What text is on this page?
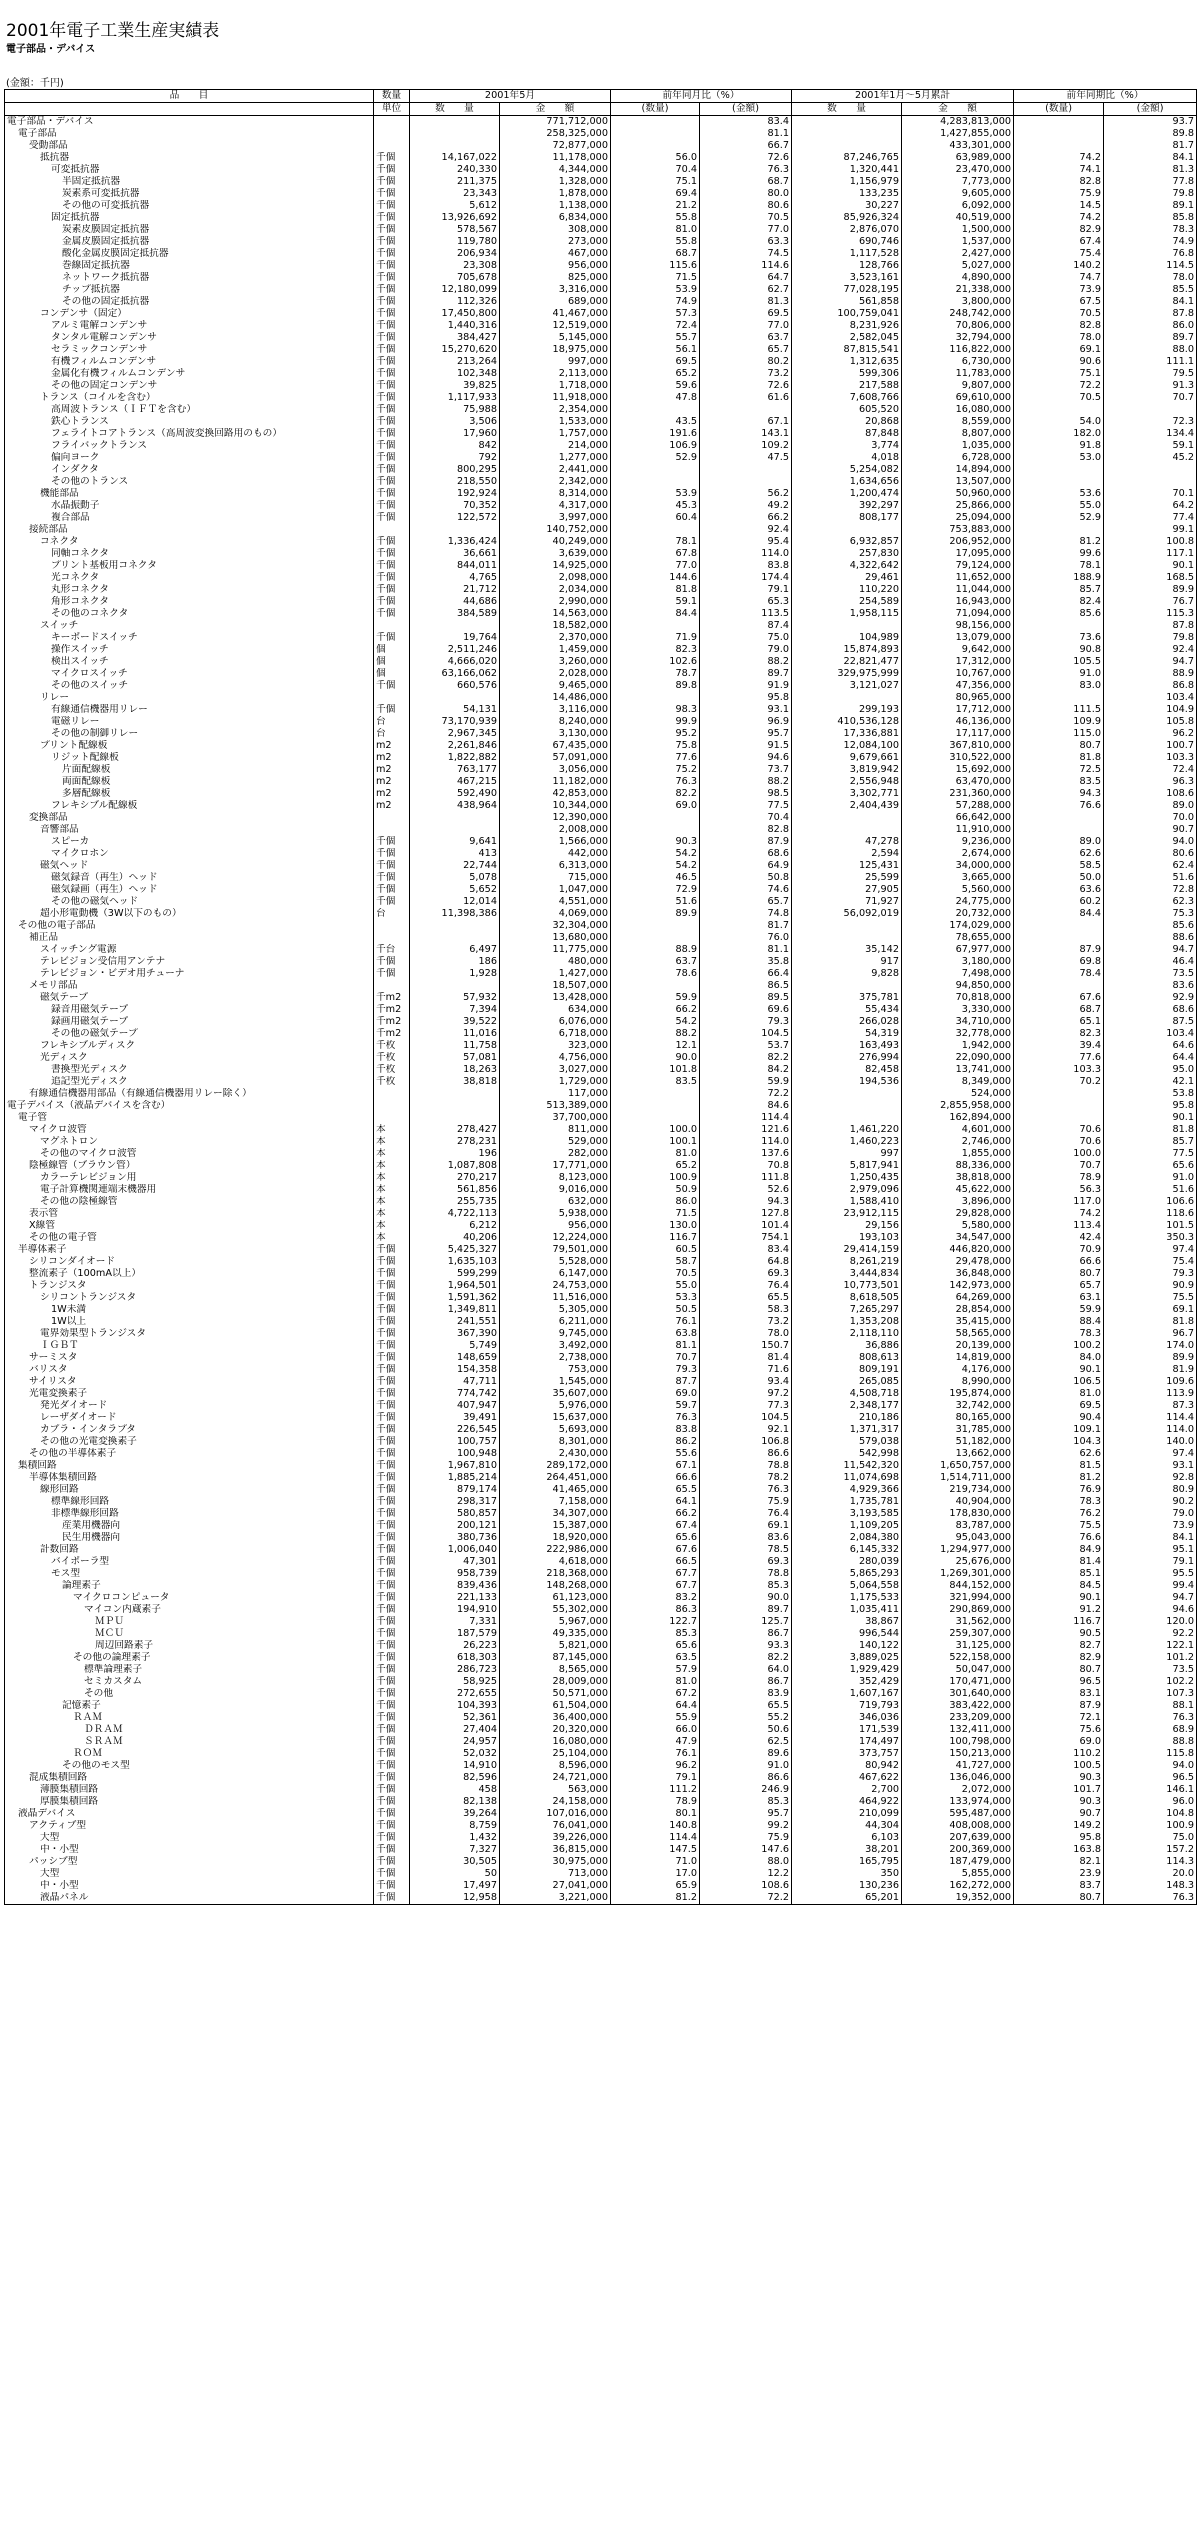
2001年電子工業生産実績表
電子部品・デバイス
(金額：千円)
品　　目	数量	2001年5月		前年同月比（%）		2001年1月～5月累計		前年同期比（%）	
	単位	数　　量	金　　額	(数量)	(金額)	数　　量	金　　額	(数量)	(金額)
電子部品・デバイス			771,712,000		83.4		4,283,813,000		93.7
電子部品			258,325,000		81.1		1,427,855,000		89.8
受動部品			72,877,000		66.7		433,301,000		81.7
抵抗器	千個	14,167,022	11,178,000	56.0	72.6	87,246,765	63,989,000	74.2	84.1
可変抵抗器	千個	240,330	4,344,000	70.4	76.3	1,320,441	23,470,000	74.1	81.3
半固定抵抗器	千個	211,375	1,328,000	75.1	68.7	1,156,979	7,773,000	82.8	77.8
炭素系可変抵抗器	千個	23,343	1,878,000	69.4	80.0	133,235	9,605,000	75.9	79.8
その他の可変抵抗器	千個	5,612	1,138,000	21.2	80.6	30,227	6,092,000	14.5	89.1
固定抵抗器	千個	13,926,692	6,834,000	55.8	70.5	85,926,324	40,519,000	74.2	85.8
炭素皮膜固定抵抗器	千個	578,567	308,000	81.0	77.0	2,876,070	1,500,000	82.9	78.3
金属皮膜固定抵抗器	千個	119,780	273,000	55.8	63.3	690,746	1,537,000	67.4	74.9
酸化金属皮膜固定抵抗器	千個	206,934	467,000	68.7	74.5	1,117,528	2,427,000	75.4	76.8
巻線固定抵抗器	千個	23,308	956,000	115.6	114.6	128,766	5,027,000	140.2	114.5
ネットワーク抵抗器	千個	705,678	825,000	71.5	64.7	3,523,161	4,890,000	74.7	78.0
チップ抵抗器	千個	12,180,099	3,316,000	53.9	62.7	77,028,195	21,338,000	73.9	85.5
その他の固定抵抗器	千個	112,326	689,000	74.9	81.3	561,858	3,800,000	67.5	84.1
コンデンサ（固定）	千個	17,450,800	41,467,000	57.3	69.5	100,759,041	248,742,000	70.5	87.8
アルミ電解コンデンサ	千個	1,440,316	12,519,000	72.4	77.0	8,231,926	70,806,000	82.8	86.0
タンタル電解コンデンサ	千個	384,427	5,145,000	55.7	63.7	2,582,045	32,794,000	78.0	89.7
セラミックコンデンサ	千個	15,270,620	18,975,000	56.1	65.7	87,815,541	116,822,000	69.1	88.0
有機フィルムコンデンサ	千個	213,264	997,000	69.5	80.2	1,312,635	6,730,000	90.6	111.1
金属化有機フィルムコンデンサ	千個	102,348	2,113,000	65.2	73.2	599,306	11,783,000	75.1	79.5
その他の固定コンデンサ	千個	39,825	1,718,000	59.6	72.6	217,588	9,807,000	72.2	91.3
トランス（コイルを含む）	千個	1,117,933	11,918,000	47.8	61.6	7,608,766	69,610,000	70.5	70.7
高周波トランス（ＩＦＴを含む）	千個	75,988	2,354,000			605,520	16,080,000		
鉄心トランス	千個	3,506	1,533,000	43.5	67.1	20,868	8,559,000	54.0	72.3
フェライトコアトランス（高周波変換回路用のもの）	千個	17,960	1,757,000	191.6	143.1	87,848	8,807,000	182.0	134.4
フライバックトランス	千個	842	214,000	106.9	109.2	3,774	1,035,000	91.8	59.1
偏向ヨーク	千個	792	1,277,000	52.9	47.5	4,018	6,728,000	53.0	45.2
インダクタ	千個	800,295	2,441,000			5,254,082	14,894,000		
その他のトランス	千個	218,550	2,342,000			1,634,656	13,507,000		
機能部品	千個	192,924	8,314,000	53.9	56.2	1,200,474	50,960,000	53.6	70.1
水晶振動子	千個	70,352	4,317,000	45.3	49.2	392,297	25,866,000	55.0	64.2
複合部品	千個	122,572	3,997,000	60.4	66.2	808,177	25,094,000	52.9	77.4
接続部品			140,752,000		92.4		753,883,000		99.1
コネクタ	千個	1,336,424	40,249,000	78.1	95.4	6,932,857	206,952,000	81.2	100.8
同軸コネクタ	千個	36,661	3,639,000	67.8	114.0	257,830	17,095,000	99.6	117.1
プリント基板用コネクタ	千個	844,011	14,925,000	77.0	83.8	4,322,642	79,124,000	78.1	90.1
光コネクタ	千個	4,765	2,098,000	144.6	174.4	29,461	11,652,000	188.9	168.5
丸形コネクタ	千個	21,712	2,034,000	81.8	79.1	110,220	11,044,000	85.7	89.9
角形コネクタ	千個	44,686	2,990,000	59.1	65.3	254,589	16,943,000	82.4	76.7
その他のコネクタ	千個	384,589	14,563,000	84.4	113.5	1,958,115	71,094,000	85.6	115.3
スイッチ			18,582,000		87.4		98,156,000		87.8
キーボードスイッチ	千個	19,764	2,370,000	71.9	75.0	104,989	13,079,000	73.6	79.8
操作スイッチ	個	2,511,246	1,459,000	82.3	79.0	15,874,893	9,642,000	90.8	92.4
検出スイッチ	個	4,666,020	3,260,000	102.6	88.2	22,821,477	17,312,000	105.5	94.7
マイクロスイッチ	個	63,166,062	2,028,000	78.7	89.7	329,975,999	10,767,000	91.0	88.9
その他のスイッチ	千個	660,576	9,465,000	89.8	91.9	3,121,027	47,356,000	83.0	86.8
リレー			14,486,000		95.8		80,965,000		103.4
有線通信機器用リレー	千個	54,131	3,116,000	98.3	93.1	299,193	17,712,000	111.5	104.9
電磁リレー	台	73,170,939	8,240,000	99.9	96.9	410,536,128	46,136,000	109.9	105.8
その他の制御リレー	台	2,967,345	3,130,000	95.2	95.7	17,336,881	17,117,000	115.0	96.2
プリント配線板	m2	2,261,846	67,435,000	75.8	91.5	12,084,100	367,810,000	80.7	100.7
リジット配線板	m2	1,822,882	57,091,000	77.6	94.6	9,679,661	310,522,000	81.8	103.3
片面配線板	m2	763,177	3,056,000	75.2	73.7	3,819,942	15,692,000	72.5	72.4
両面配線板	m2	467,215	11,182,000	76.3	88.2	2,556,948	63,470,000	83.5	96.3
多層配線板	m2	592,490	42,853,000	82.2	98.5	3,302,771	231,360,000	94.3	108.6
フレキシブル配線板	m2	438,964	10,344,000	69.0	77.5	2,404,439	57,288,000	76.6	89.0
変換部品			12,390,000		70.4		66,642,000		70.0
音響部品			2,008,000		82.8		11,910,000		90.7
スピーカ	千個	9,641	1,566,000	90.3	87.9	47,278	9,236,000	89.0	94.0
マイクロホン	千個	413	442,000	54.2	68.6	2,594	2,674,000	62.6	80.6
磁気ヘッド	千個	22,744	6,313,000	54.2	64.9	125,431	34,000,000	58.5	62.4
磁気録音（再生）ヘッド	千個	5,078	715,000	46.5	50.8	25,599	3,665,000	50.0	51.6
磁気録画（再生）ヘッド	千個	5,652	1,047,000	72.9	74.6	27,905	5,560,000	63.6	72.8
その他の磁気ヘッド	千個	12,014	4,551,000	51.6	65.7	71,927	24,775,000	60.2	62.3
超小形電動機（3W以下のもの）	台	11,398,386	4,069,000	89.9	74.8	56,092,019	20,732,000	84.4	75.3
その他の電子部品			32,304,000		81.7		174,029,000		85.6
補正品			13,680,000		76.0		78,655,000		88.6
スイッチング電源	千台	6,497	11,775,000	88.9	81.1	35,142	67,977,000	87.9	94.7
テレビジョン受信用アンテナ	千個	186	480,000	63.7	35.8	917	3,180,000	69.8	46.4
テレビジョン・ビデオ用チューナ	千個	1,928	1,427,000	78.6	66.4	9,828	7,498,000	78.4	73.5
メモリ部品			18,507,000		86.5		94,850,000		83.6
磁気テープ	千m2	57,932	13,428,000	59.9	89.5	375,781	70,818,000	67.6	92.9
録音用磁気テープ	千m2	7,394	634,000	66.2	69.6	55,434	3,330,000	68.7	68.6
録画用磁気テープ	千m2	39,522	6,076,000	54.2	79.3	266,028	34,710,000	65.1	87.5
その他の磁気テープ	千m2	11,016	6,718,000	88.2	104.5	54,319	32,778,000	82.3	103.4
フレキシブルディスク	千枚	11,758	323,000	12.1	53.7	163,493	1,942,000	39.4	64.6
光ディスク	千枚	57,081	4,756,000	90.0	82.2	276,994	22,090,000	77.6	64.4
書換型光ディスク	千枚	18,263	3,027,000	101.8	84.2	82,458	13,741,000	103.3	95.0
追記型光ディスク	千枚	38,818	1,729,000	83.5	59.9	194,536	8,349,000	70.2	42.1
有線通信機器用部品（有線通信機器用リレー除く）			117,000		72.2		524,000		53.8
電子デバイス（液晶デバイスを含む）			513,389,000		84.6		2,855,958,000		95.8
電子管			37,700,000		114.4		162,894,000		90.1
マイクロ波管	本	278,427	811,000	100.0	121.6	1,461,220	4,601,000	70.6	81.8
マグネトロン	本	278,231	529,000	100.1	114.0	1,460,223	2,746,000	70.6	85.7
その他のマイクロ波管	本	196	282,000	81.0	137.6	997	1,855,000	100.0	77.5
陰極線管（ブラウン管）	本	1,087,808	17,771,000	65.2	70.8	5,817,941	88,336,000	70.7	65.6
カラーテレビジョン用	本	270,217	8,123,000	100.9	111.8	1,250,435	38,818,000	78.9	91.0
電子計算機関連端末機器用	本	561,856	9,016,000	50.9	52.6	2,979,096	45,622,000	56.3	51.6
その他の陰極線管	本	255,735	632,000	86.0	94.3	1,588,410	3,896,000	117.0	106.6
表示管	本	4,722,113	5,938,000	71.5	127.8	23,912,115	29,828,000	74.2	118.6
X線管	本	6,212	956,000	130.0	101.4	29,156	5,580,000	113.4	101.5
その他の電子管	本	40,206	12,224,000	116.7	754.1	193,103	34,547,000	42.4	350.3
半導体素子	千個	5,425,327	79,501,000	60.5	83.4	29,414,159	446,820,000	70.9	97.4
シリコンダイオード	千個	1,635,103	5,528,000	58.7	64.8	8,261,219	29,478,000	66.6	75.4
整流素子（100mA以上）	千個	599,299	6,147,000	70.5	69.3	3,444,834	36,848,000	80.7	79.3
トランジスタ	千個	1,964,501	24,753,000	55.0	76.4	10,773,501	142,973,000	65.7	90.9
シリコントランジスタ	千個	1,591,362	11,516,000	53.3	65.5	8,618,505	64,269,000	63.1	75.5
1W未満	千個	1,349,811	5,305,000	50.5	58.3	7,265,297	28,854,000	59.9	69.1
1W以上	千個	241,551	6,211,000	76.1	73.2	1,353,208	35,415,000	88.4	81.8
電界効果型トランジスタ	千個	367,390	9,745,000	63.8	78.0	2,118,110	58,565,000	78.3	96.7
ＩＧＢＴ	千個	5,749	3,492,000	81.1	150.7	36,886	20,139,000	100.2	174.0
サーミスタ	千個	148,659	2,738,000	70.7	81.4	808,613	14,819,000	84.0	89.9
バリスタ	千個	154,358	753,000	79.3	71.6	809,191	4,176,000	90.1	81.9
サイリスタ	千個	47,711	1,545,000	87.7	93.4	265,085	8,990,000	106.5	109.6
光電変換素子	千個	774,742	35,607,000	69.0	97.2	4,508,718	195,874,000	81.0	113.9
発光ダイオード	千個	407,947	5,976,000	59.7	77.3	2,348,177	32,742,000	69.5	87.3
レーザダイオード	千個	39,491	15,637,000	76.3	104.5	210,186	80,165,000	90.4	114.4
カプラ・インタラプタ	千個	226,545	5,693,000	83.8	92.1	1,371,317	31,785,000	109.1	114.0
その他の光電変換素子	千個	100,757	8,301,000	86.2	106.8	579,038	51,182,000	104.3	140.0
その他の半導体素子	千個	100,948	2,430,000	55.6	86.6	542,998	13,662,000	62.6	97.4
集積回路	千個	1,967,810	289,172,000	67.1	78.8	11,542,320	1,650,757,000	81.5	93.1
半導体集積回路	千個	1,885,214	264,451,000	66.6	78.2	11,074,698	1,514,711,000	81.2	92.8
線形回路	千個	879,174	41,465,000	65.5	76.3	4,929,366	219,734,000	76.9	80.9
標準線形回路	千個	298,317	7,158,000	64.1	75.9	1,735,781	40,904,000	78.3	90.2
非標準線形回路	千個	580,857	34,307,000	66.2	76.4	3,193,585	178,830,000	76.2	79.0
産業用機器向	千個	200,121	15,387,000	67.4	69.1	1,109,205	83,787,000	75.5	73.9
民生用機器向	千個	380,736	18,920,000	65.6	83.6	2,084,380	95,043,000	76.6	84.1
計数回路	千個	1,006,040	222,986,000	67.6	78.5	6,145,332	1,294,977,000	84.9	95.1
バイポーラ型	千個	47,301	4,618,000	66.5	69.3	280,039	25,676,000	81.4	79.1
モス型	千個	958,739	218,368,000	67.7	78.8	5,865,293	1,269,301,000	85.1	95.5
論理素子	千個	839,436	148,268,000	67.7	85.3	5,064,558	844,152,000	84.5	99.4
マイクロコンピュータ	千個	221,133	61,123,000	83.2	90.0	1,175,533	321,994,000	90.1	94.7
マイコン内蔵素子	千個	194,910	55,302,000	86.3	89.7	1,035,411	290,869,000	91.2	94.6
ＭＰＵ	千個	7,331	5,967,000	122.7	125.7	38,867	31,562,000	116.7	120.0
ＭＣＵ	千個	187,579	49,335,000	85.3	86.7	996,544	259,307,000	90.5	92.2
周辺回路素子	千個	26,223	5,821,000	65.6	93.3	140,122	31,125,000	82.7	122.1
その他の論理素子	千個	618,303	87,145,000	63.5	82.2	3,889,025	522,158,000	82.9	101.2
標準論理素子	千個	286,723	8,565,000	57.9	64.0	1,929,429	50,047,000	80.7	73.5
セミカスタム	千個	58,925	28,009,000	81.0	86.7	352,429	170,471,000	96.5	102.2
その他	千個	272,655	50,571,000	67.2	83.9	1,607,167	301,640,000	83.1	107.3
記憶素子	千個	104,393	61,504,000	64.4	65.5	719,793	383,422,000	87.9	88.1
ＲＡＭ	千個	52,361	36,400,000	55.9	55.2	346,036	233,209,000	72.1	76.3
ＤＲＡＭ	千個	27,404	20,320,000	66.0	50.6	171,539	132,411,000	75.6	68.9
ＳＲＡＭ	千個	24,957	16,080,000	47.9	62.5	174,497	100,798,000	69.0	88.8
ＲＯＭ	千個	52,032	25,104,000	76.1	89.6	373,757	150,213,000	110.2	115.8
その他のモス型	千個	14,910	8,596,000	96.2	91.0	80,942	41,727,000	100.5	94.0
混成集積回路	千個	82,596	24,721,000	79.1	86.6	467,622	136,046,000	90.3	96.5
薄膜集積回路	千個	458	563,000	111.2	246.9	2,700	2,072,000	101.7	146.1
厚膜集積回路	千個	82,138	24,158,000	78.9	85.3	464,922	133,974,000	90.3	96.0
液晶デバイス	千個	39,264	107,016,000	80.1	95.7	210,099	595,487,000	90.7	104.8
アクティブ型	千個	8,759	76,041,000	140.8	99.2	44,304	408,008,000	149.2	100.9
大型	千個	1,432	39,226,000	114.4	75.9	6,103	207,639,000	95.8	75.0
中・小型	千個	7,327	36,815,000	147.5	147.6	38,201	200,369,000	163.8	157.2
パッシブ型	千個	30,505	30,975,000	71.0	88.0	165,795	187,479,000	82.1	114.3
大型	千個	50	713,000	17.0	12.2	350	5,855,000	23.9	20.0
中・小型	千個	17,497	27,041,000	65.9	108.6	130,236	162,272,000	83.7	148.3
液晶パネル	千個	12,958	3,221,000	81.2	72.2	65,201	19,352,000	80.7	76.3
